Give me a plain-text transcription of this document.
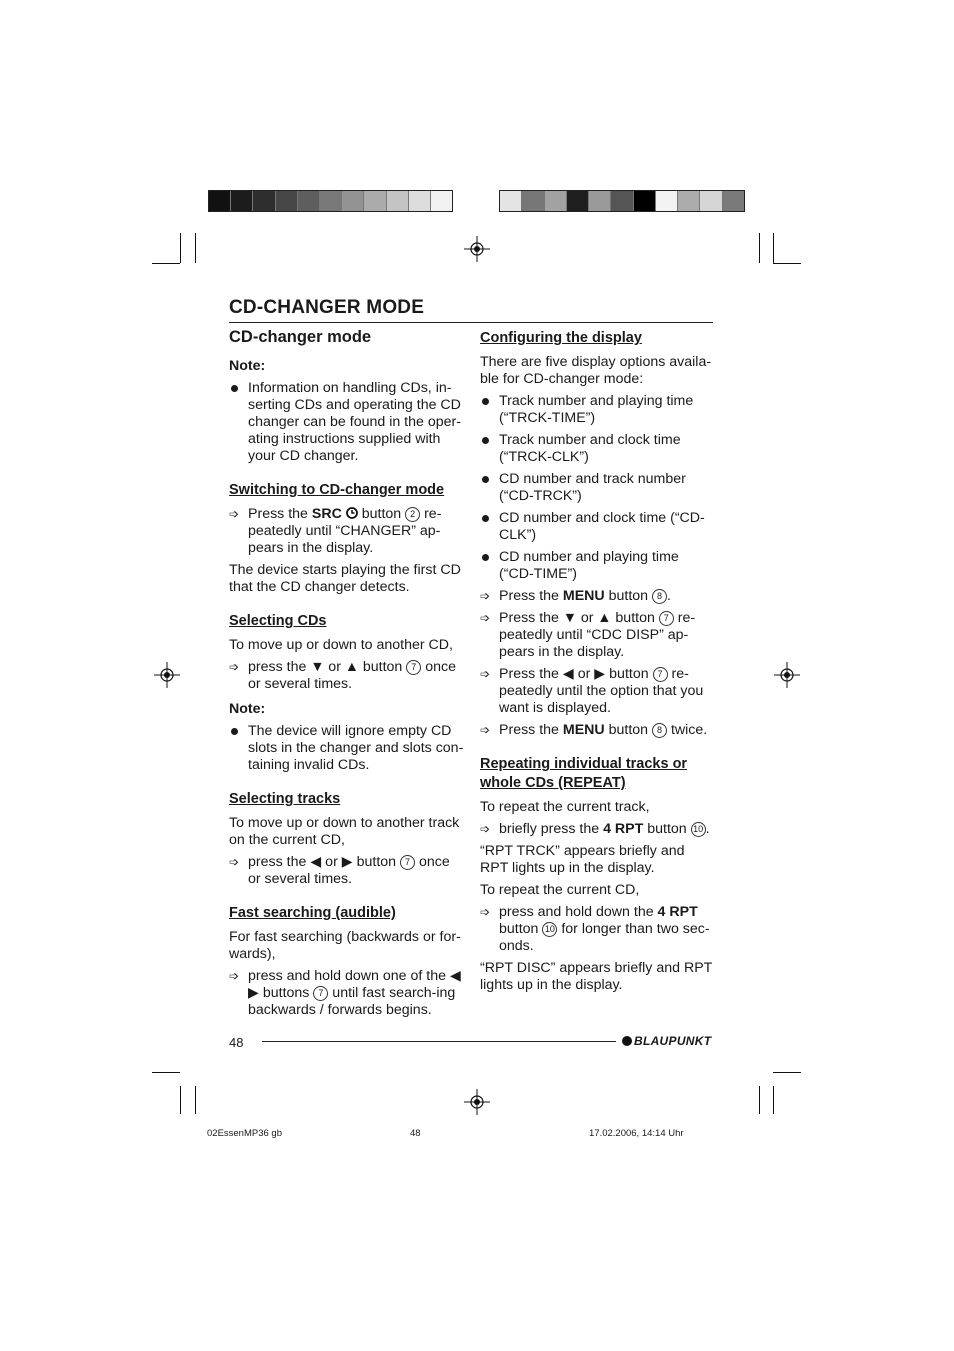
CD-CHANGER MODE
CD-changer mode
Note:
Information on handling CDs, in-serting CDs and operating the CD changer can be found in the oper-ating instructions supplied with your CD changer.
Switching to CD-changer mode
➩ Press the SRC  button 2 re-peatedly until “CHANGER” ap-pears in the display.
The device starts playing the first CD that the CD changer detects.
Selecting CDs
To move up or down to another CD,
➩ press the ▼ or ▲ button 7 once or several times.
Note:
The device will ignore empty CD slots in the changer and slots con-taining invalid CDs.
Selecting tracks
To move up or down to another track on the current CD,
➩ press the ◀ or ▶ button 7 once or several times.
Fast searching (audible)
For fast searching (backwards or for-wards),
➩ press and hold down one of the ◀ ▶ buttons 7 until fast search-ing backwards / forwards begins.
Configuring the display
There are five display options availa-ble for CD-changer mode:
Track number and playing time (“TRCK-TIME”)
Track number and clock time (“TRCK-CLK”)
CD number and track number (“CD-TRCK”)
CD number and clock time (“CD-CLK”)
CD number and playing time (“CD-TIME”)
➩ Press the MENU button 8 .
➩ Press the ▼ or ▲ button 7 re-peatedly until “CDC DISP” ap-pears in the display.
➩ Press the ◀ or ▶ button 7 re-peatedly until the option that you want is displayed.
➩ Press the MENU button 8 twice.
Repeating individual tracks or whole CDs (REPEAT)
To repeat the current track,
➩ briefly press the 4 RPT button 10 .
“RPT TRCK” appears briefly and RPT lights up in the display.
To repeat the current CD,
➩ press and hold down the 4 RPT button 10 for longer than two sec-onds.
“RPT DISC” appears briefly and RPT lights up in the display.
48	BLAUPUNKT
02EssenMP36 gb	48	17.02.2006, 14:14 Uhr
